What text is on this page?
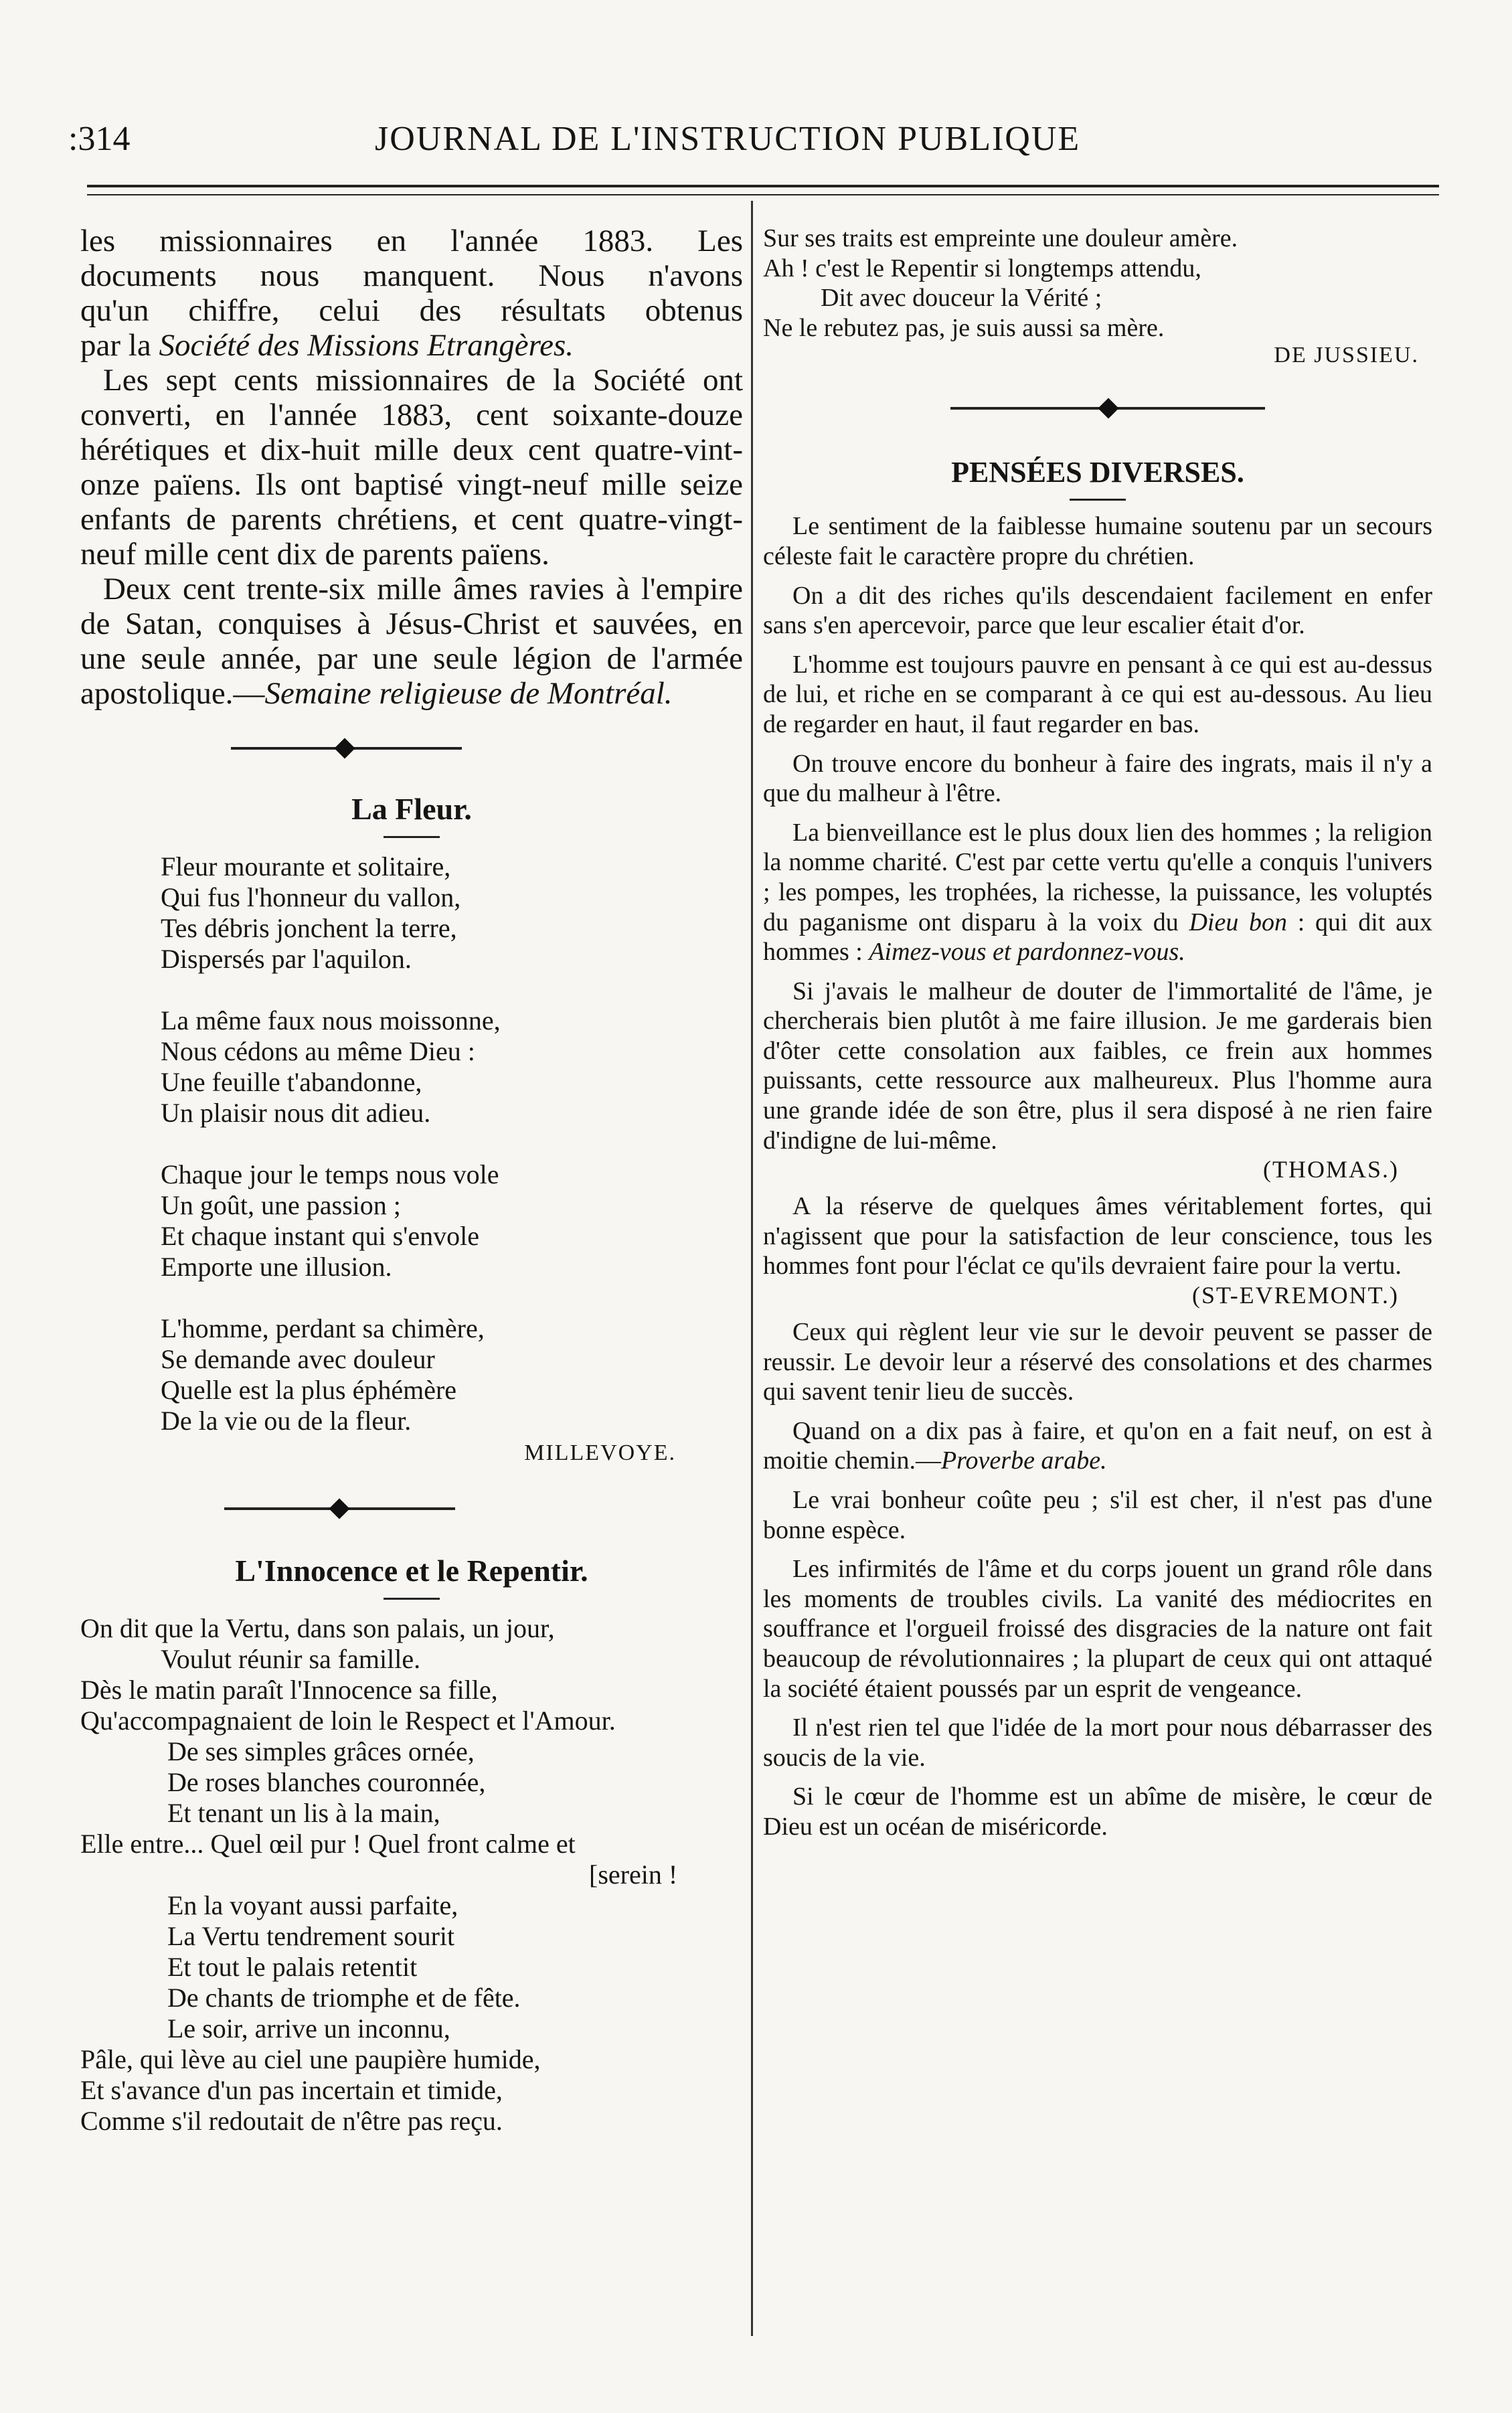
:314	JOURNAL DE L'INSTRUCTION PUBLIQUE

les missionnaires en l'année 1883. Les

documents nous manquent. Nous n'avons

qu'un chiffre, celui des résultats obtenus

par la Société des Missions Etrangères.

Les sept cents missionnaires de la Société ont converti, en l'année 1883, cent soixante-douze hérétiques et dix-huit mille deux cent quatre-vint-onze païens. Ils ont baptisé vingt-neuf mille seize enfants de parents chrétiens, et cent quatre-vingt-neuf mille cent dix de parents païens.

Deux cent trente-six mille âmes ravies à l'empire de Satan, conquises à Jésus-Christ et sauvées, en une seule année, par une seule légion de l'armée apostolique.—Semaine religieuse de Montréal.

La Fleur.

Fleur mourante et solitaire,

Qui fus l'honneur du vallon,

Tes débris jonchent la terre,

Dispersés par l'aquilon.

La même faux nous moissonne,

Nous cédons au même Dieu :

Une feuille t'abandonne,

Un plaisir nous dit adieu.

Chaque jour le temps nous vole

Un goût, une passion ;

Et chaque instant qui s'envole

Emporte une illusion.

L'homme, perdant sa chimère,

Se demande avec douleur

Quelle est la plus éphémère

De la vie ou de la fleur.

MILLEVOYE.

L'Innocence et le Repentir.

On dit que la Vertu, dans son palais, un jour,

Voulut réunir sa famille.

Dès le matin paraît l'Innocence sa fille,

Qu'accompagnaient de loin le Respect et l'Amour.

De ses simples grâces ornée,

De roses blanches couronnée,

Et tenant un lis à la main,

Elle entre... Quel œil pur ! Quel front calme et

[serein !

En la voyant aussi parfaite,

La Vertu tendrement sourit

Et tout le palais retentit

De chants de triomphe et de fête.

Le soir, arrive un inconnu,

Pâle, qui lève au ciel une paupière humide,

Et s'avance d'un pas incertain et timide,

Comme s'il redoutait de n'être pas reçu.

Sur ses traits est empreinte une douleur amère.

Ah ! c'est le Repentir si longtemps attendu,

Dit avec douceur la Vérité ;

Ne le rebutez pas, je suis aussi sa mère.

DE JUSSIEU.

PENSÉES DIVERSES.

Le sentiment de la faiblesse humaine soutenu par un secours céleste fait le caractère propre du chrétien.

On a dit des riches qu'ils descendaient facilement en enfer sans s'en apercevoir, parce que leur escalier était d'or.

L'homme est toujours pauvre en pensant à ce qui est au-dessus de lui, et riche en se comparant à ce qui est au-dessous. Au lieu de regarder en haut, il faut regarder en bas.

On trouve encore du bonheur à faire des ingrats, mais il n'y a que du malheur à l'être.

La bienveillance est le plus doux lien des hommes ; la religion la nomme charité. C'est par cette vertu qu'elle a conquis l'univers ; les pompes, les trophées, la richesse, la puissance, les voluptés du paganisme ont disparu à la voix du Dieu bon : qui dit aux hommes : Aimez-vous et pardonnez-vous.

Si j'avais le malheur de douter de l'immortalité de l'âme, je chercherais bien plutôt à me faire illusion. Je me garderais bien d'ôter cette consolation aux faibles, ce frein aux hommes puissants, cette ressource aux malheureux. Plus l'homme aura une grande idée de son être, plus il sera disposé à ne rien faire d'indigne de lui-même.

(THOMAS.)

A la réserve de quelques âmes véritablement fortes, qui n'agissent que pour la satisfaction de leur conscience, tous les hommes font pour l'éclat ce qu'ils devraient faire pour la vertu.

(ST-EVREMONT.)

Ceux qui règlent leur vie sur le devoir peuvent se passer de reussir. Le devoir leur a réservé des consolations et des charmes qui savent tenir lieu de succès.

Quand on a dix pas à faire, et qu'on en a fait neuf, on est à moitie chemin.—Proverbe arabe.

Le vrai bonheur coûte peu ; s'il est cher, il n'est pas d'une bonne espèce.

Les infirmités de l'âme et du corps jouent un grand rôle dans les moments de troubles civils. La vanité des médiocrites en souffrance et l'orgueil froissé des disgracies de la nature ont fait beaucoup de révolutionnaires ; la plupart de ceux qui ont attaqué la société étaient poussés par un esprit de vengeance.

Il n'est rien tel que l'idée de la mort pour nous débarrasser des soucis de la vie.

Si le cœur de l'homme est un abîme de misère, le cœur de Dieu est un océan de miséricorde.
